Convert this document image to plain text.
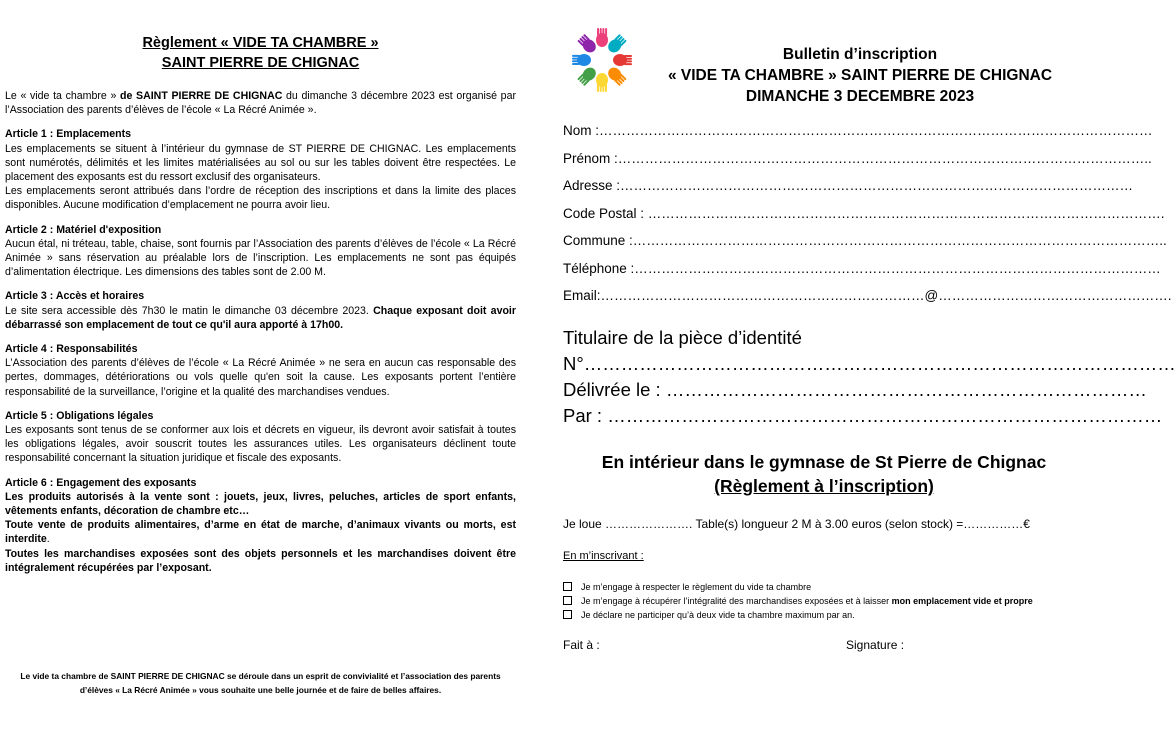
Règlement « VIDE TA CHAMBRE »
SAINT PIERRE DE CHIGNAC

Le « vide ta chambre » de SAINT PIERRE DE CHIGNAC du dimanche 3 décembre 2023 est organisé par l’Association des parents d’élèves de l’école « La Récré Animée ».

Article 1 : Emplacements

Les emplacements se situent à l’intérieur du gymnase de ST PIERRE DE CHIGNAC. Les emplacements sont numérotés, délimités et les limites matérialisées au sol ou sur les tables doivent être respectées. Le placement des exposants est du ressort exclusif des organisateurs.

Les emplacements seront attribués dans l’ordre de réception des inscriptions et dans la limite des places disponibles. Aucune modification d’emplacement ne pourra avoir lieu.

Article 2 : Matériel d'exposition

Aucun étal, ni tréteau, table, chaise, sont fournis par l’Association des parents d’élèves de l’école « La Récré Animée » sans réservation au préalable lors de l’inscription. Les emplacements ne sont pas équipés d’alimentation électrique. Les dimensions des tables sont de 2.00 M.

Article 3 : Accès et horaires

Le site sera accessible dès 7h30 le matin le dimanche 03 décembre 2023. Chaque exposant doit avoir débarrassé son emplacement de tout ce qu'il aura apporté à 17h00.

Article 4 : Responsabilités

L’Association des parents d’élèves de l’école « La Récré Animée » ne sera en aucun cas responsable des pertes, dommages, détériorations ou vols quelle qu'en soit la cause. Les exposants portent l’entière responsabilité de la surveillance, l’origine et la qualité des marchandises vendues.

Article 5 : Obligations légales

Les exposants sont tenus de se conformer aux lois et décrets en vigueur, ils devront avoir satisfait à toutes les obligations légales, avoir souscrit toutes les assurances utiles. Les organisateurs déclinent toute responsabilité concernant la situation juridique et fiscale des exposants.

Article 6 : Engagement des exposants

Les produits autorisés à la vente sont : jouets, jeux, livres, peluches, articles de sport enfants, vêtements enfants, décoration de chambre etc…

Toute vente de produits alimentaires, d’arme en état de marche, d’animaux vivants ou morts, est interdite.

Toutes les marchandises exposées sont des objets personnels et les marchandises doivent être intégralement récupérées par l’exposant.

Le vide ta chambre de SAINT PIERRE DE CHIGNAC se déroule dans un esprit de convivialité et l’association des parents d’élèves « La Récré Animée » vous souhaite une belle journée et de faire de belles affaires.
Bulletin d’inscription
« VIDE TA CHAMBRE » SAINT PIERRE DE CHIGNAC
DIMANCHE 3 DECEMBRE 2023
Nom :……………………………………………………………………………………………………………
Prénom :………………………………………………………………………………………………………..
Adresse :……………………………………………………………………………………………………
Code Postal : …………………………………………………………………………………………………….
Commune :………………………………………………………………………………………………………..
Téléphone :………………………………………………………………………………………………………
Email:………………………………………………………………@…………………………………………….
Titulaire de la pièce d’identité
N°……………………………………………………………………………………
Délivrée le : ……………………………………………………………………
Par : ………………………………………………………………………………
En intérieur dans le gymnase de St Pierre de Chignac
(Règlement à l’inscription)
Je loue …………………. Table(s) longueur 2 M à 3.00 euros (selon stock) =……………€
En m’inscrivant :
Je m’engage à respecter le règlement du vide ta chambre
Je m’engage à récupérer l’intégralité des marchandises exposées et à laisser mon emplacement vide et propre
Je déclare ne participer qu’à deux vide ta chambre maximum par an.
Fait à :	Signature :
